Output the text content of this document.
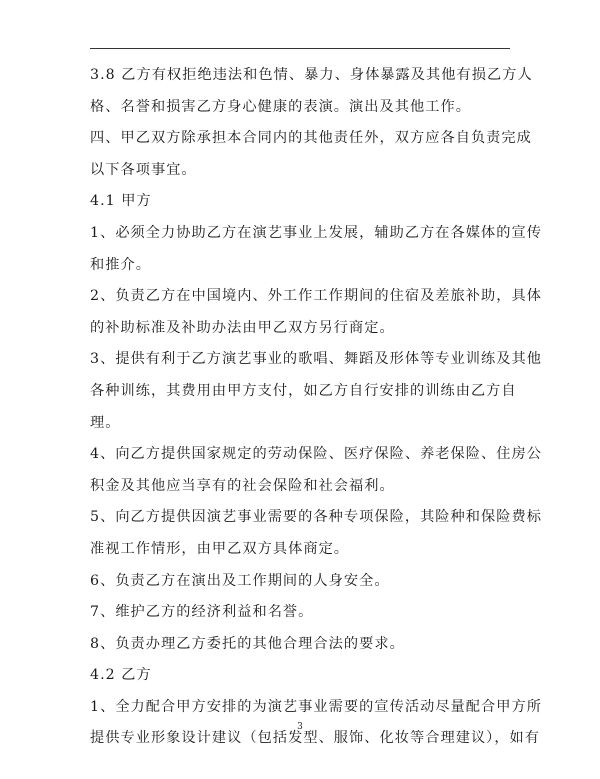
3.8 乙方有权拒绝违法和色情、暴力、身体暴露及其他有损乙方人
格、名誉和损害乙方身心健康的表演。演出及其他工作。
四、甲乙双方除承担本合同内的其他责任外，双方应各自负责完成
以下各项事宜。
4.1 甲方
1、必须全力协助乙方在演艺事业上发展，辅助乙方在各媒体的宣传
和推介。
2、负责乙方在中国境内、外工作工作期间的住宿及差旅补助，具体
的补助标准及补助办法由甲乙双方另行商定。
3、提供有利于乙方演艺事业的歌唱、舞蹈及形体等专业训练及其他
各种训练，其费用由甲方支付，如乙方自行安排的训练由乙方自
理。
4、向乙方提供国家规定的劳动保险、医疗保险、养老保险、住房公
积金及其他应当享有的社会保险和社会福利。
5、向乙方提供因演艺事业需要的各种专项保险，其险种和保险费标
准视工作情形，由甲乙双方具体商定。
6、负责乙方在演出及工作期间的人身安全。
7、维护乙方的经济利益和名誉。
8、负责办理乙方委托的其他合理合法的要求。
4.2 乙方
1、全力配合甲方安排的为演艺事业需要的宣传活动尽量配合甲方所
提供专业形象设计建议（包括发型、服饰、化妆等合理建议），如有
3
